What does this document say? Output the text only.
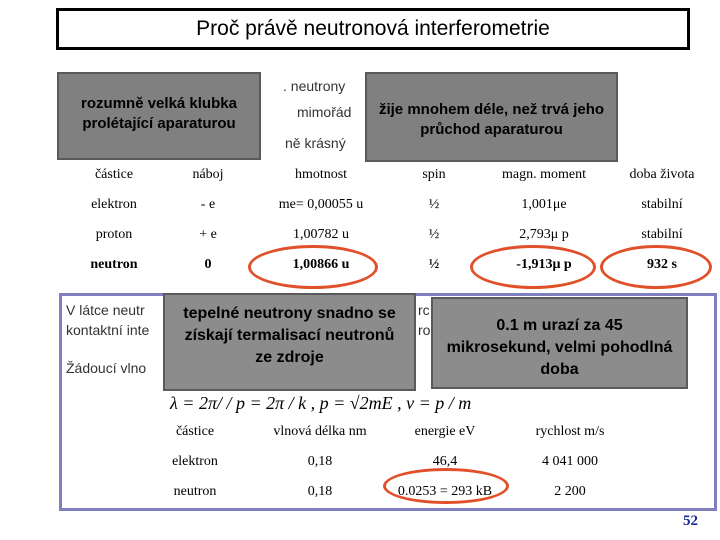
Proč právě neutronová interferometrie
. neutrony
mimořád
ně krásný
částice	náboj	hmotnost	spin	magn. moment	doba života
elektron	- e	me= 0,00055 u	½	1,001μe	stabilní
proton	+ e	1,00782 u	½	2,793μ p	stabilní
neutron	0	1,00866 u	½	-1,913μ p	932 s
V látce neutr	rc
kontaktní inte	ro
Žádoucí vlno
λ = 2π/ / p = 2π / k , p = √2mE , v = p / m
částice	vlnová délka nm	energie eV	rychlost m/s
elektron	0,18	46,4	4 041 000
neutron	0,18	0.0253 = 293 kB	2 200
rozumně velká klubka prolétající aparaturou
žije mnohem déle, než trvá jeho průchod aparaturou
tepelné neutrony snadno se získají termalisací neutronů ze zdroje
0.1 m urazí za 45 mikrosekund, velmi pohodlná doba
52
